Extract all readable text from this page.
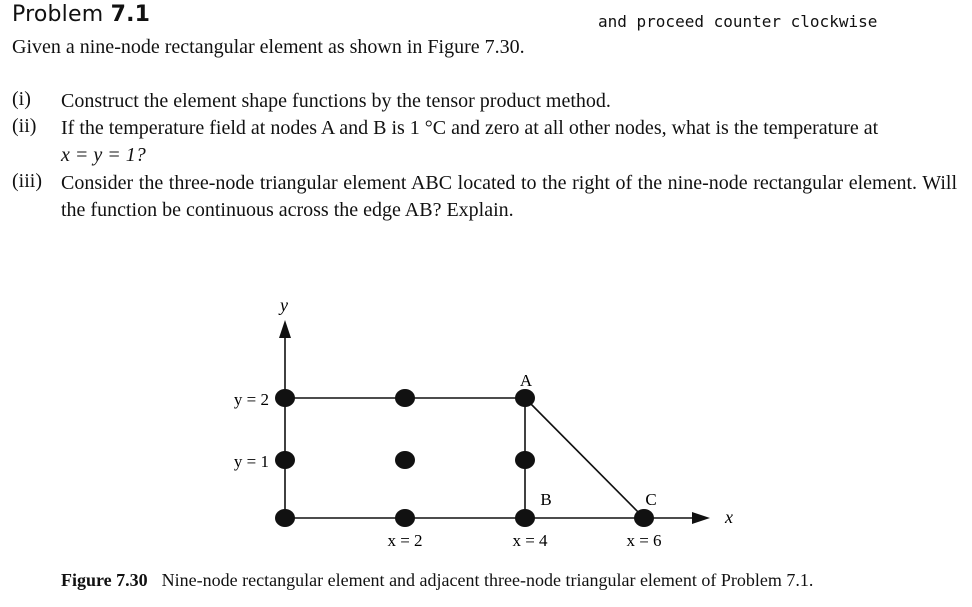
Problem 7.1	and proceed counter clockwise
Given a nine-node rectangular element as shown in Figure 7.30.
(i) Construct the element shape functions by the tensor product method.
(ii) If the temperature field at nodes A and B is 1 °C and zero at all other nodes, what is the temperature at
x = y = 1?
(iii) Consider the three-node triangular element ABC located to the right of the nine-node rectangular element. Will the function be continuous across the edge AB? Explain.
y
x
A
B	C
y = 2
y = 1
x = 2	x = 4	x = 6
Figure 7.30 Nine-node rectangular element and adjacent three-node triangular element of Problem 7.1.
